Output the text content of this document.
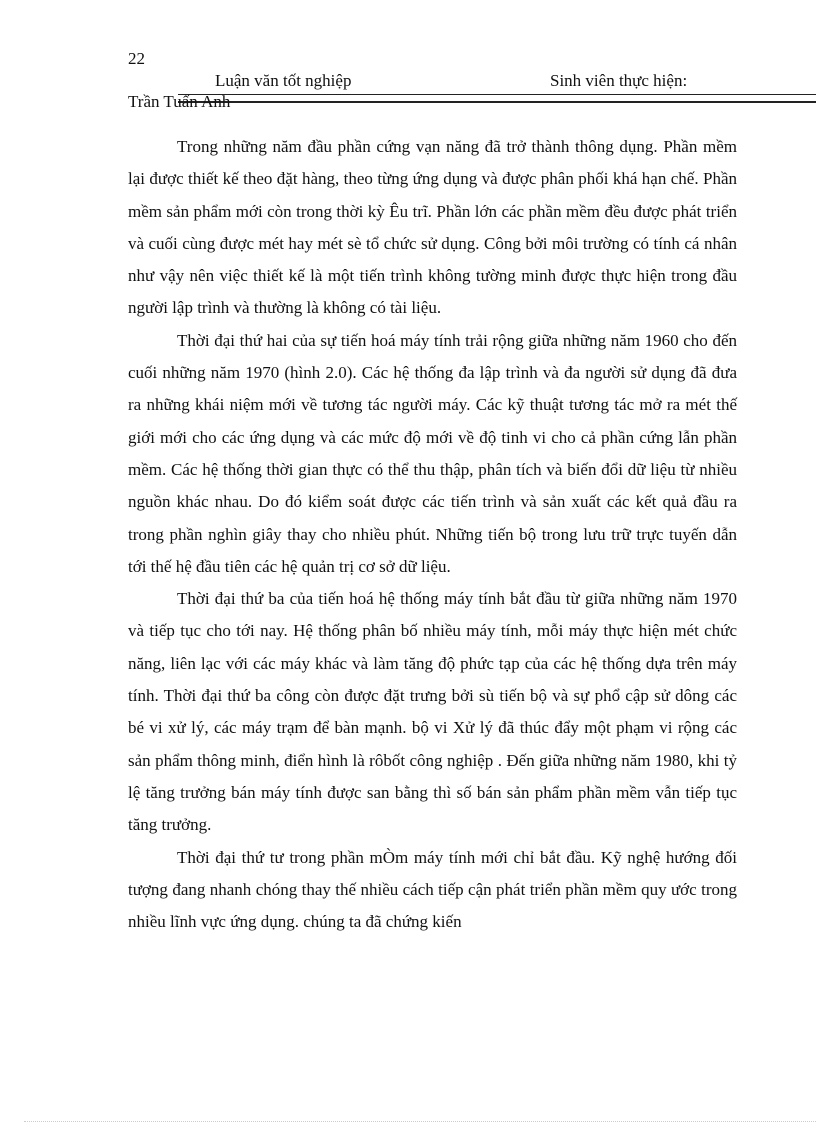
22
Luận văn tốt nghiệp	Sinh viên thực hiện:
Trần Tuấn Anh

Trong những năm đầu phần cứng vạn năng đã trở thành thông dụng. Phần mềm lại được thiết kế theo đặt hàng, theo từng ứng dụng và được phân phối khá hạn chế. Phần mềm sản phẩm mới còn trong thời kỳ Êu trĩ. Phần lớn các phần mềm đều được phát triển và cuối cùng được mét hay mét sè tổ chức sử dụng. Công bởi môi trường có tính cá nhân như vậy nên việc thiết kế là một tiến trình không tường minh được thực hiện trong đầu người lập trình và thường là không có tài liệu.

Thời đại thứ hai của sự tiến hoá máy tính trải rộng giữa những năm 1960 cho đến cuối những năm 1970 (hình 2.0). Các hệ thống đa lập trình và đa người sử dụng đã đưa ra những khái niệm mới về tương tác người máy. Các kỹ thuật tương tác mở ra mét thế giới mới cho các ứng dụng và các mức độ mới về độ tinh vi cho cả phần cứng lẫn phần mềm. Các hệ thống thời gian thực có thể thu thập, phân tích và biến đổi dữ liệu từ nhiều nguồn khác nhau. Do đó kiểm soát được các tiến trình và sản xuất các kết quả đầu ra trong phần nghìn giây thay cho nhiều phút. Những tiến bộ trong lưu trữ trực tuyến dẫn tới thế hệ đầu tiên các hệ quản trị cơ sở dữ liệu.

Thời đại thứ ba của tiến hoá hệ thống máy tính bắt đầu từ giữa những năm 1970 và tiếp tục cho tới nay. Hệ thống phân bố nhiều máy tính, mỗi máy thực hiện mét chức năng, liên lạc với các máy khác và làm tăng độ phức tạp của các hệ thống dựa trên máy tính. Thời đại thứ ba công còn được đặt trưng bởi sù tiến bộ và sự phổ cập sử dông các bé vi xử lý, các máy trạm để bàn mạnh. bộ vi Xử lý đã thúc đẩy một phạm vi rộng các sản phẩm thông minh, điển hình là rôbốt công nghiệp . Đến giữa những năm 1980, khi tỷ lệ tăng trưởng bán máy tính được san bằng thì số bán sản phẩm phần mềm vẫn tiếp tục tăng trưởng.

Thời đại thứ tư trong phần mÒm máy tính mới chỉ bắt đầu. Kỹ nghệ hướng đối tượng đang nhanh chóng thay thế nhiều cách tiếp cận phát triển phần mềm quy ước trong nhiều lĩnh vực ứng dụng. chúng ta đã chứng kiến
